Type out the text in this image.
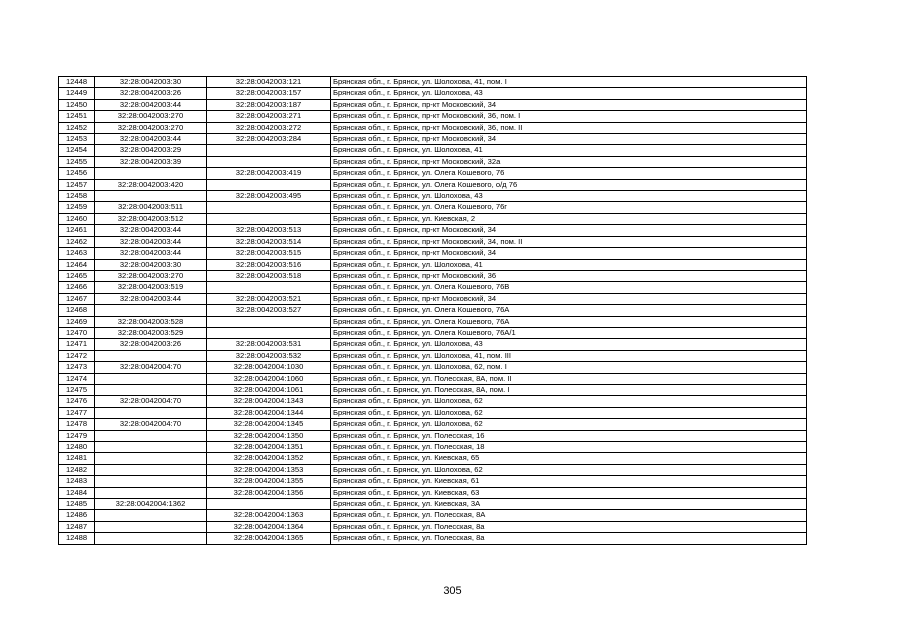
12448	32:28:0042003:30	32:28:0042003:121	Брянская обл., г. Брянск, ул. Шолохова, 41, пом. I
12449	32:28:0042003:26	32:28:0042003:157	Брянская обл., г. Брянск, ул. Шолохова, 43
12450	32:28:0042003:44	32:28:0042003:187	Брянская обл., г. Брянск, пр-кт Московский, 34
12451	32:28:0042003:270	32:28:0042003:271	Брянская обл., г. Брянск, пр-кт Московский, 36, пом. I
12452	32:28:0042003:270	32:28:0042003:272	Брянская обл., г. Брянск, пр-кт Московский, 36, пом. II
12453	32:28:0042003:44	32:28:0042003:284	Брянская обл., г. Брянск, пр-кт Московский, 34
12454	32:28:0042003:29		Брянская обл., г. Брянск, ул. Шолохова, 41
12455	32:28:0042003:39		Брянская обл., г. Брянск, пр-кт Московский, 32а
12456		32:28:0042003:419	Брянская обл., г. Брянск, ул. Олега Кошевого, 76
12457	32:28:0042003:420		Брянская обл., г. Брянск, ул. Олега Кошевого, о/д 76
12458		32:28:0042003:495	Брянская обл., г. Брянск, ул. Шолохова, 43
12459	32:28:0042003:511		Брянская обл., г. Брянск, ул. Олега Кошевого, 76г
12460	32:28:0042003:512		Брянская обл., г. Брянск, ул. Киевская, 2
12461	32:28:0042003:44	32:28:0042003:513	Брянская обл., г. Брянск, пр-кт Московский, 34
12462	32:28:0042003:44	32:28:0042003:514	Брянская обл., г. Брянск, пр-кт Московский, 34, пом. II
12463	32:28:0042003:44	32:28:0042003:515	Брянская обл., г. Брянск, пр-кт Московский, 34
12464	32:28:0042003:30	32:28:0042003:516	Брянская обл., г. Брянск, ул. Шолохова, 41
12465	32:28:0042003:270	32:28:0042003:518	Брянская обл., г. Брянск, пр-кт Московский, 36
12466	32:28:0042003:519		Брянская обл., г. Брянск, ул. Олега Кошевого, 76В
12467	32:28:0042003:44	32:28:0042003:521	Брянская обл., г. Брянск, пр-кт Московский, 34
12468		32:28:0042003:527	Брянская обл., г. Брянск, ул. Олега Кошевого, 76А
12469	32:28:0042003:528		Брянская обл., г. Брянск, ул. Олега Кошевого, 76А
12470	32:28:0042003:529		Брянская обл., г. Брянск, ул. Олега Кошевого, 76А/1
12471	32:28:0042003:26	32:28:0042003:531	Брянская обл., г. Брянск, ул. Шолохова, 43
12472		32:28:0042003:532	Брянская обл., г. Брянск, ул. Шолохова, 41, пом. III
12473	32:28:0042004:70	32:28:0042004:1030	Брянская обл., г. Брянск, ул. Шолохова, 62, пом. I
12474		32:28:0042004:1060	Брянская обл., г. Брянск, ул. Полесская, 8А, пом. II
12475		32:28:0042004:1061	Брянская обл., г. Брянск, ул. Полесская, 8А, пом. I
12476	32:28:0042004:70	32:28:0042004:1343	Брянская обл., г. Брянск, ул. Шолохова, 62
12477		32:28:0042004:1344	Брянская обл., г. Брянск, ул. Шолохова, 62
12478	32:28:0042004:70	32:28:0042004:1345	Брянская обл., г. Брянск, ул. Шолохова, 62
12479		32:28:0042004:1350	Брянская обл., г. Брянск, ул. Полесская, 16
12480		32:28:0042004:1351	Брянская обл., г. Брянск, ул. Полесская, 18
12481		32:28:0042004:1352	Брянская обл., г. Брянск, ул. Киевская, 65
12482		32:28:0042004:1353	Брянская обл., г. Брянск, ул. Шолохова, 62
12483		32:28:0042004:1355	Брянская обл., г. Брянск, ул. Киевская, 61
12484		32:28:0042004:1356	Брянская обл., г. Брянск, ул. Киевская, 63
12485	32:28:0042004:1362		Брянская обл., г. Брянск, ул. Киевская, 3А
12486		32:28:0042004:1363	Брянская обл., г. Брянск, ул. Полесская, 8А
12487		32:28:0042004:1364	Брянская обл., г. Брянск, ул. Полесская, 8а
12488		32:28:0042004:1365	Брянская обл., г. Брянск, ул. Полесская, 8а
305
